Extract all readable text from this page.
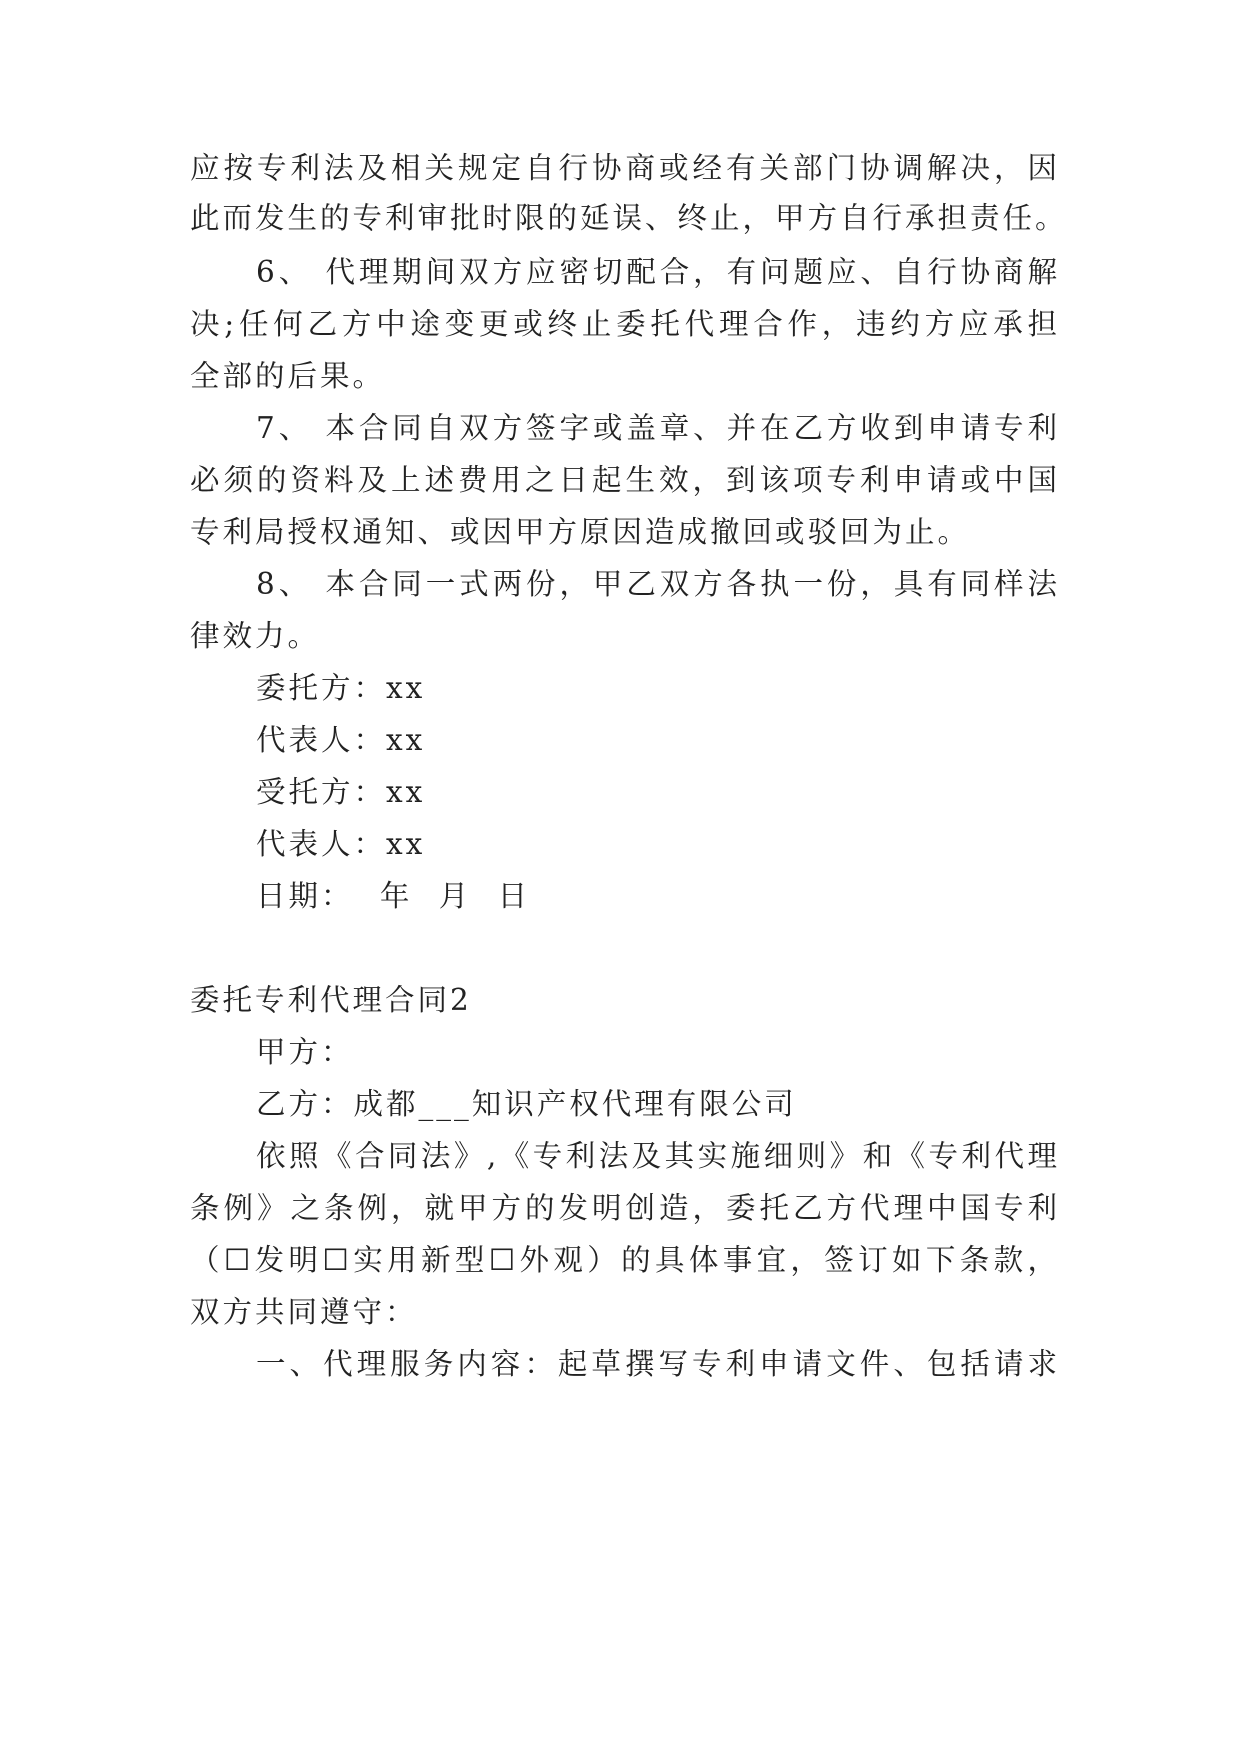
应按专利法及相关规定自行协商或经有关部门协调解决，因
此而发生的专利审批时限的延误、终止，甲方自行承担责任。
6、 代理期间双方应密切配合，有问题应、自行协商解
决;任何乙方中途变更或终止委托代理合作，违约方应承担
全部的后果。
7、 本合同自双方签字或盖章、并在乙方收到申请专利
必须的资料及上述费用之日起生效，到该项专利申请或中国
专利局授权通知、或因甲方原因造成撤回或驳回为止。
8、 本合同一式两份，甲乙双方各执一份，具有同样法
律效力。
委托方：xx
代表人：xx
受托方：xx
代表人：xx
日期： 年 月 日
委托专利代理合同2
甲方：
乙方：成都___知识产权代理有限公司
依照《合同法》,《专利法及其实施细则》和《专利代理
条例》之条例，就甲方的发明创造，委托乙方代理中国专利
（☐发明☐实用新型☐外观）的具体事宜，签订如下条款，
双方共同遵守：
一、代理服务内容：起草撰写专利申请文件、包括请求
